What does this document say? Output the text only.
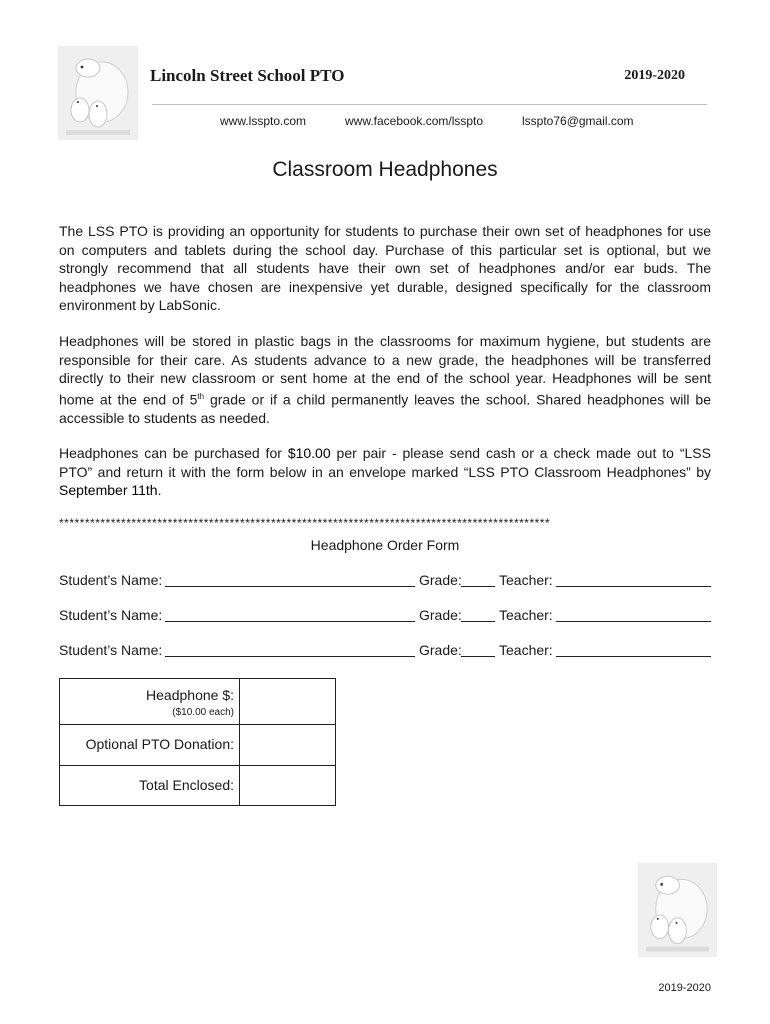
Lincoln Street School PTO	2019-2020
www.lsspto.com	www.facebook.com/lsspto	lsspto76@gmail.com
Classroom Headphones

The LSS PTO is providing an opportunity for students to purchase their own set of headphones for use on computers and tablets during the school day. Purchase of this particular set is optional, but we strongly recommend that all students have their own set of headphones and/or ear buds. The headphones we have chosen are inexpensive yet durable, designed specifically for the classroom environment by LabSonic.

Headphones will be stored in plastic bags in the classrooms for maximum hygiene, but students are responsible for their care. As students advance to a new grade, the headphones will be transferred directly to their new classroom or sent home at the end of the school year. Headphones will be sent home at the end of 5th grade or if a child permanently leaves the school. Shared headphones will be accessible to students as needed.

Headphones can be purchased for $10.00 per pair - please send cash or a check made out to “LSS PTO” and return it with the form below in an envelope marked “LSS PTO Classroom Headphones” by September 11th.

***********************************************************************************************
Headphone Order Form
Student’s Name:	Grade:	Teacher:
Student’s Name:	Grade:	Teacher:
Student’s Name:	Grade:	Teacher:
Headphone $:
($10.00 each)
Optional PTO Donation:
Total Enclosed:
2019-2020
